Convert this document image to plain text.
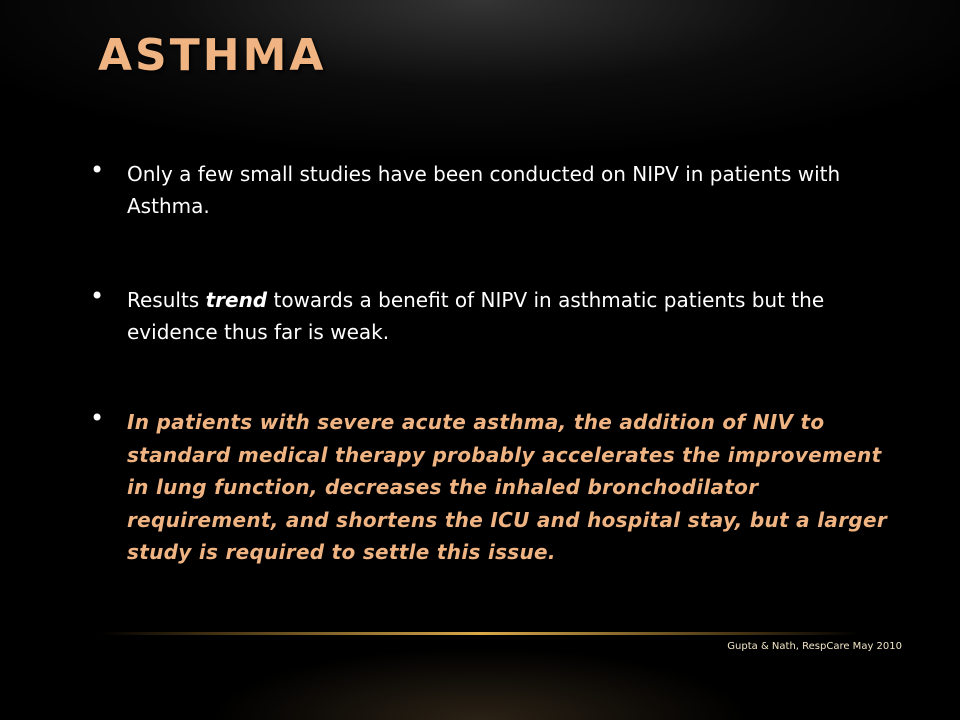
ASTHMA
• Only a few small studies have been conducted on NIPV in patients with Asthma.

• Results trend towards a benefit of NIPV in asthmatic patients but the evidence thus far is weak.

• In patients with severe acute asthma, the addition of NIV to standard medical therapy probably accelerates the improvement in lung function, decreases the inhaled bronchodilator requirement, and shortens the ICU and hospital stay, but a larger study is required to settle this issue.

Gupta & Nath, RespCare May 2010
